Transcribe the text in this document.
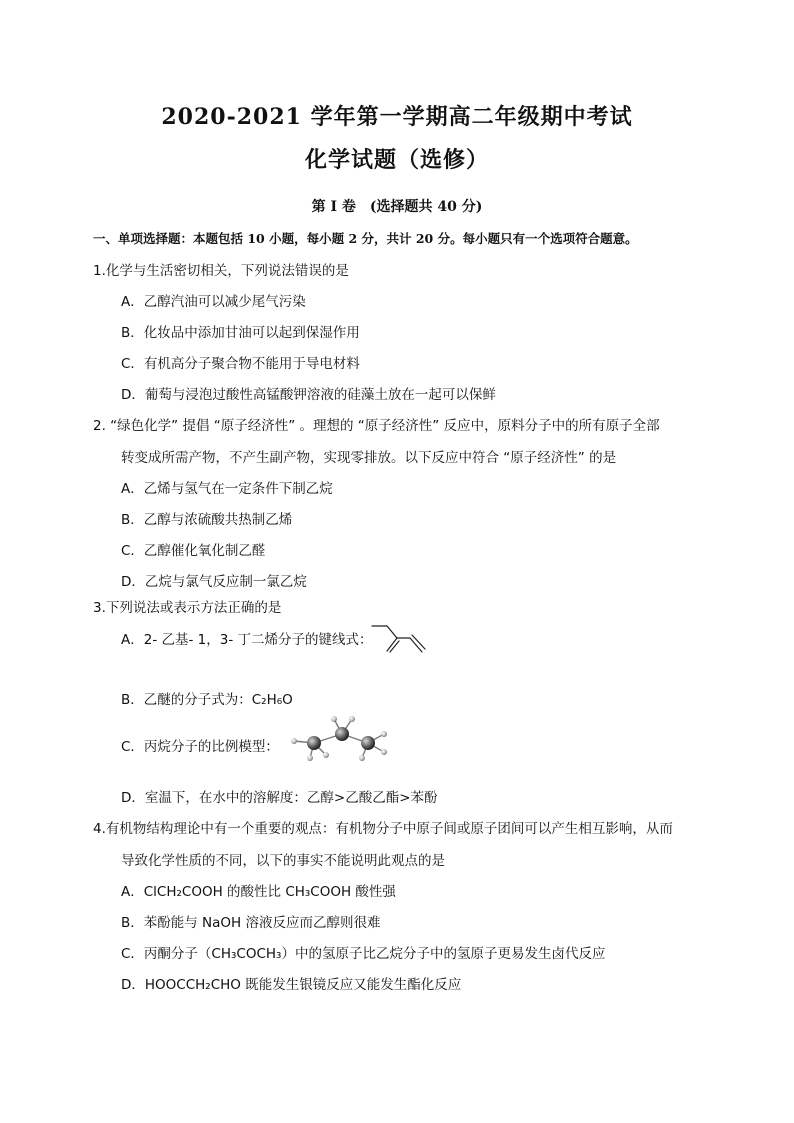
2020-2021 学年第一学期高二年级期中考试
化学试题（选修）
第 I 卷　(选择题共 40 分)
一、单项选择题：本题包括 10 小题，每小题 2 分，共计 20 分。每小题只有一个选项符合题意。
1.化学与生活密切相关，下列说法错误的是
A．乙醇汽油可以减少尾气污染
B．化妆品中添加甘油可以起到保湿作用
C．有机高分子聚合物不能用于导电材料
D．葡萄与浸泡过酸性高锰酸钾溶液的硅藻土放在一起可以保鲜
2. “绿色化学” 提倡 “原子经济性” 。理想的 “原子经济性” 反应中，原料分子中的所有原子全部
转变成所需产物，不产生副产物，实现零排放。以下反应中符合 “原子经济性” 的是
A．乙烯与氢气在一定条件下制乙烷
B．乙醇与浓硫酸共热制乙烯
C．乙醇催化氧化制乙醛
D．乙烷与氯气反应制一氯乙烷
3.下列说法或表示方法正确的是
A．2- 乙基- 1，3- 丁二烯分子的键线式：
B．乙醚的分子式为：C₂H₆O
C．丙烷分子的比例模型：
D．室温下，在水中的溶解度：乙醇>乙酸乙酯>苯酚
4.有机物结构理论中有一个重要的观点：有机物分子中原子间或原子团间可以产生相互影响，从而
导致化学性质的不同，以下的事实不能说明此观点的是
A．ClCH₂COOH 的酸性比 CH₃COOH 酸性强
B．苯酚能与 NaOH 溶液反应而乙醇则很难
C．丙酮分子（CH₃COCH₃）中的氢原子比乙烷分子中的氢原子更易发生卤代反应
D．HOOCCH₂CHO 既能发生银镜反应又能发生酯化反应
